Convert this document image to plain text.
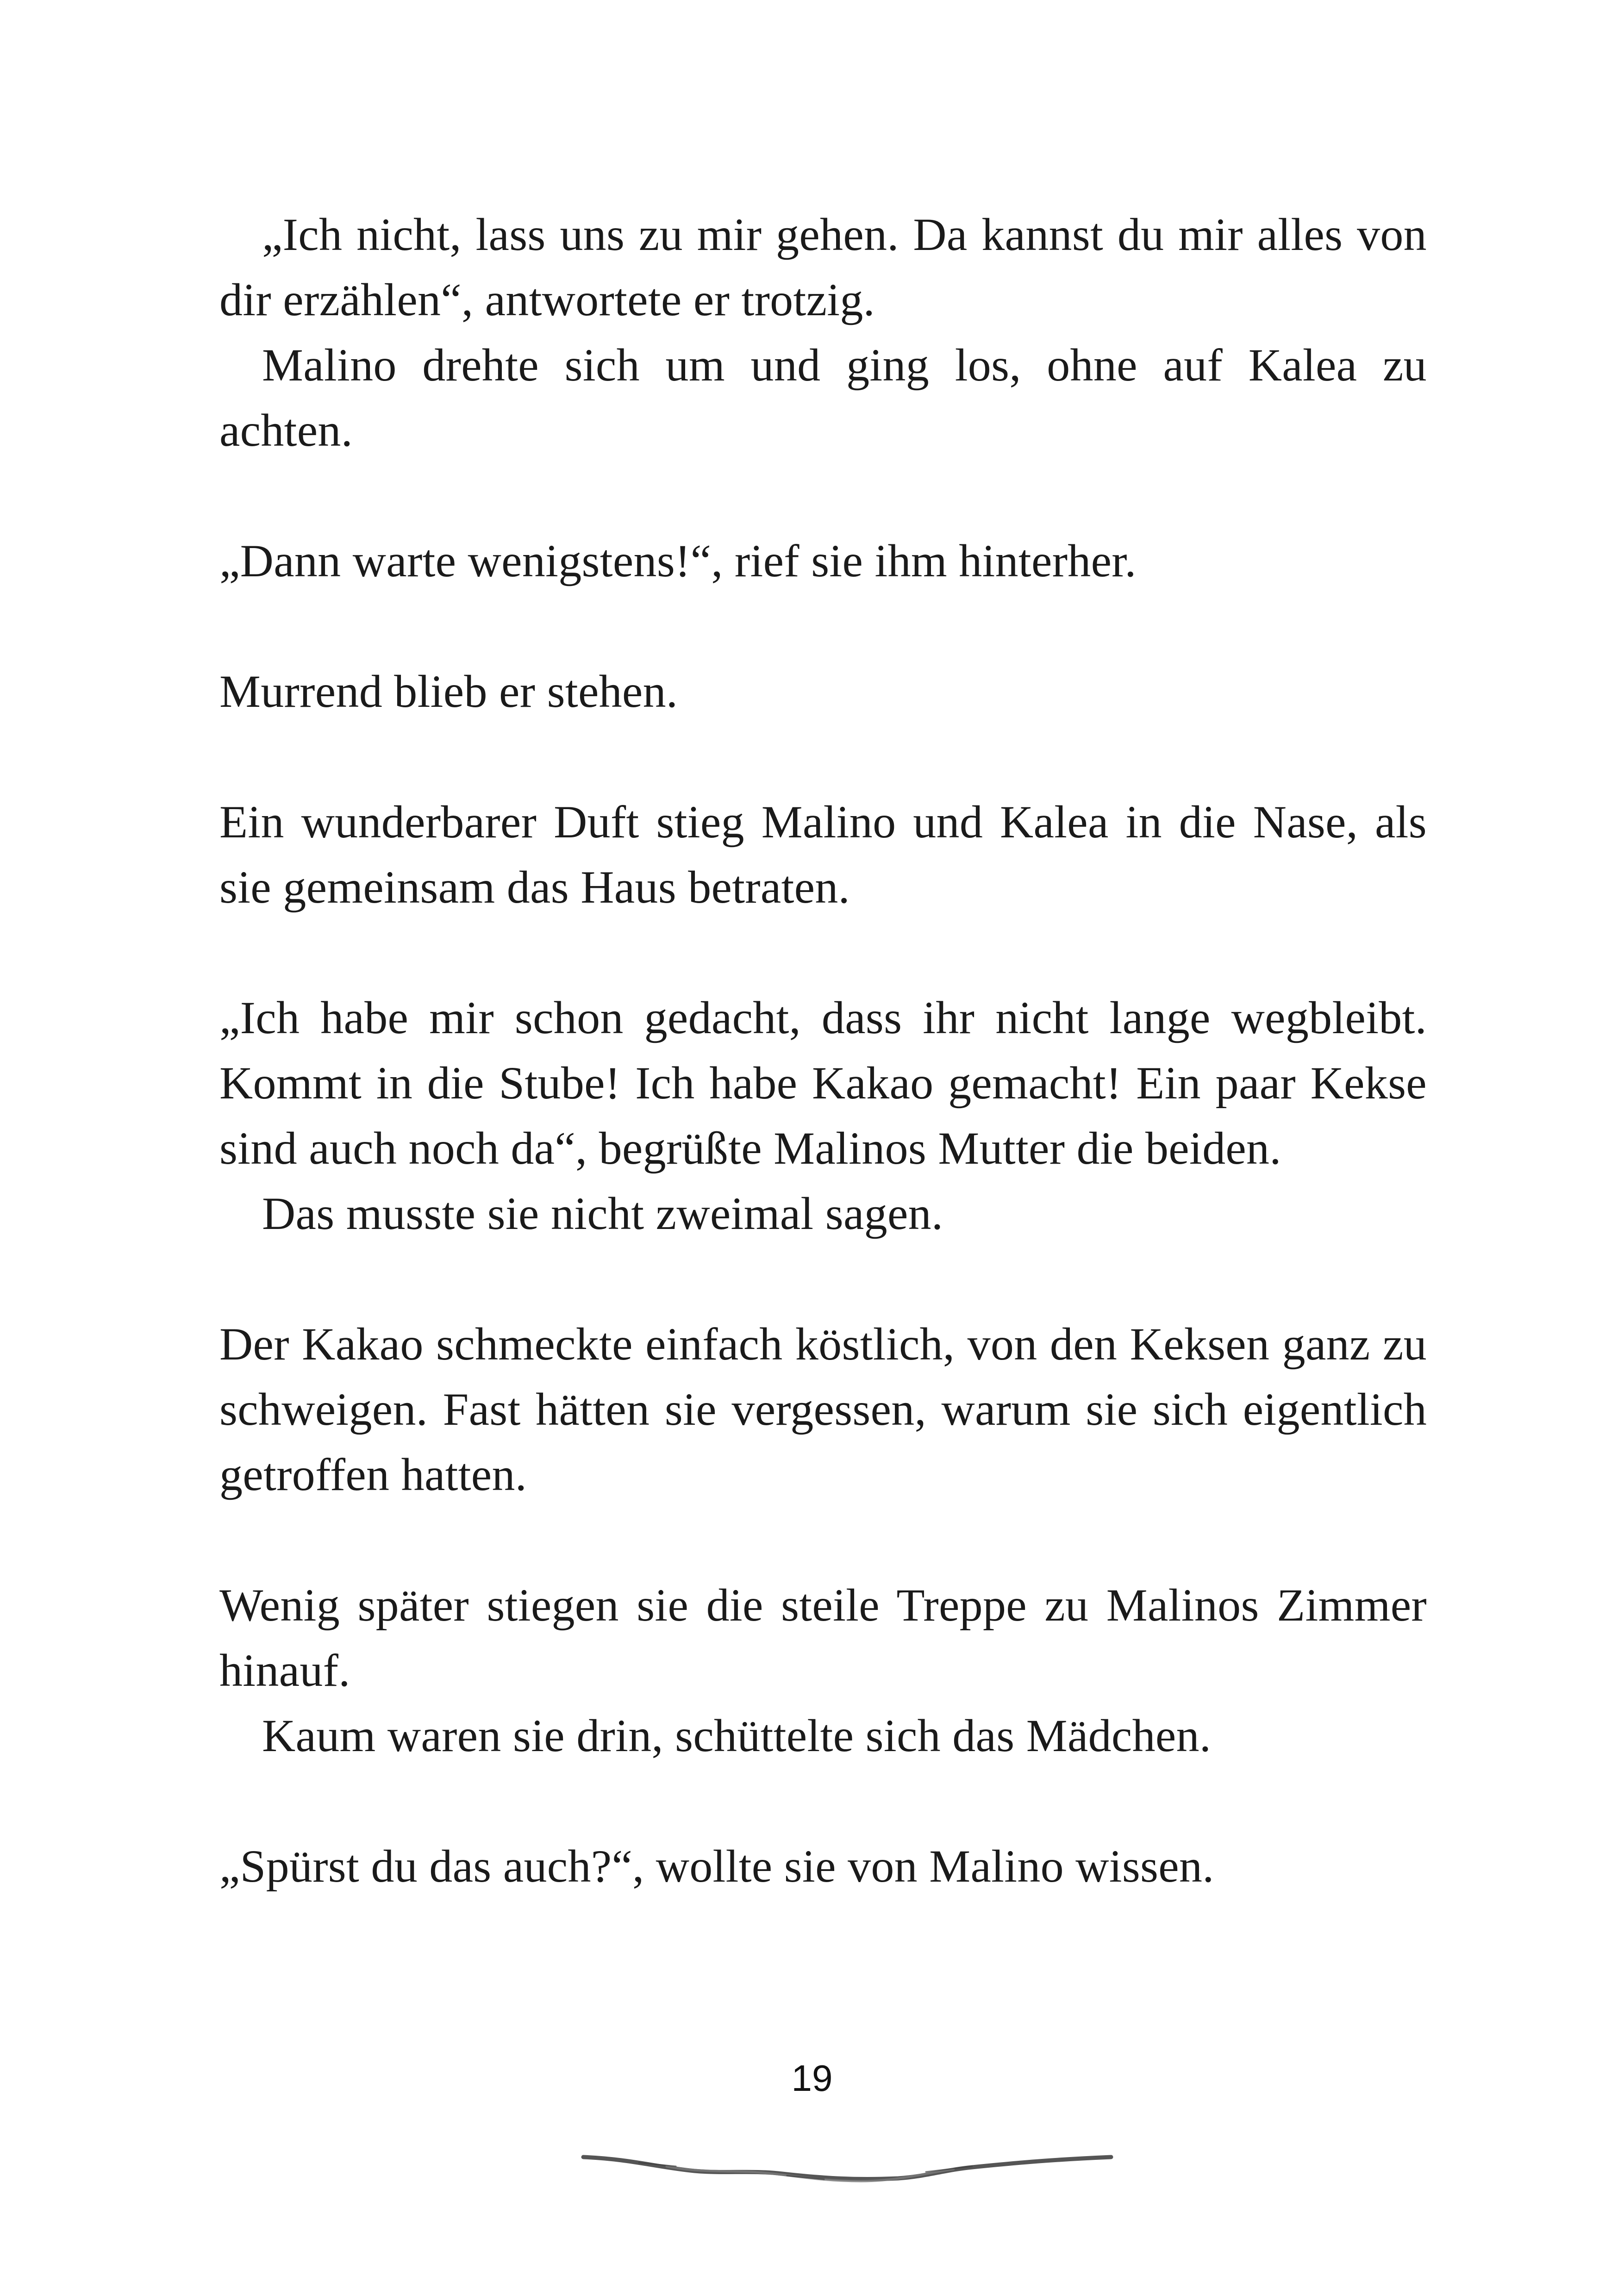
„Ich nicht, lass uns zu mir gehen. Da kannst du mir alles von dir erzählen“, antwortete er trotzig.

Malino drehte sich um und ging los, ohne auf Kalea zu achten.

„Dann warte wenigstens!“, rief sie ihm hinterher.

Murrend blieb er stehen.

Ein wunderbarer Duft stieg Malino und Kalea in die Nase, als sie gemeinsam das Haus betraten.

„Ich habe mir schon gedacht, dass ihr nicht lange wegbleibt. Kommt in die Stube! Ich habe Kakao gemacht! Ein paar Kekse sind auch noch da“, begrüßte Malinos Mutter die beiden.

Das musste sie nicht zweimal sagen.

Der Kakao schmeckte einfach köstlich, von den Keksen ganz zu schweigen. Fast hätten sie vergessen, warum sie sich eigentlich getroffen hatten.

Wenig später stiegen sie die steile Treppe zu Malinos Zimmer hinauf.

Kaum waren sie drin, schüttelte sich das Mädchen.

„Spürst du das auch?“, wollte sie von Malino wissen.

19
